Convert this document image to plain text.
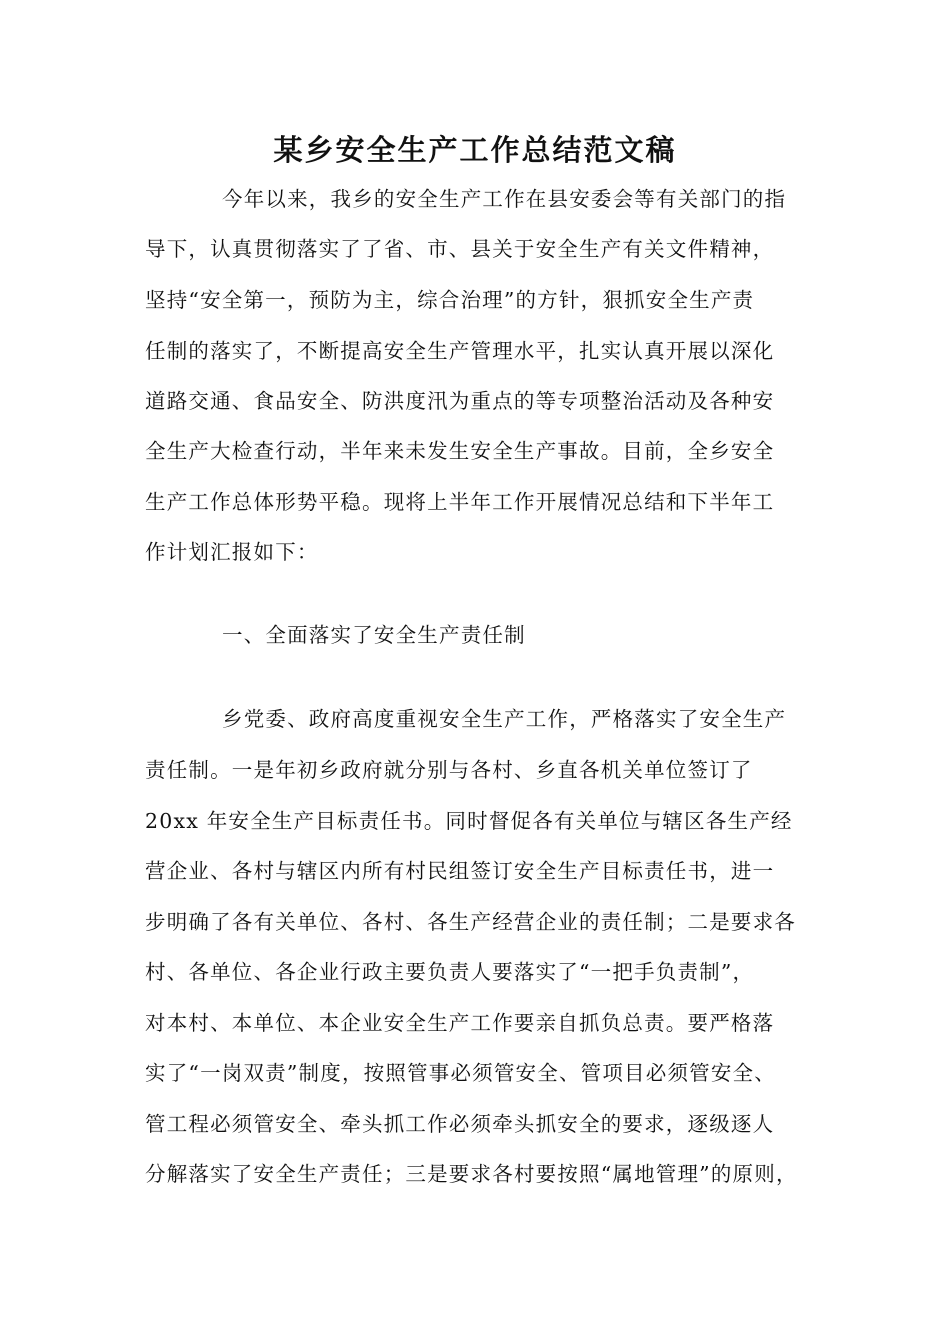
某乡安全生产工作总结范文稿
今年以来，我乡的安全生产工作在县安委会等有关部门的指
导下，认真贯彻落实了了省、市、县关于安全生产有关文件精神，
坚持“安全第一，预防为主，综合治理”的方针，狠抓安全生产责
任制的落实了，不断提高安全生产管理水平，扎实认真开展以深化
道路交通、食品安全、防洪度汛为重点的等专项整治活动及各种安
全生产大检查行动，半年来未发生安全生产事故。目前，全乡安全
生产工作总体形势平稳。现将上半年工作开展情况总结和下半年工
作计划汇报如下：
一、全面落实了安全生产责任制
乡党委、政府高度重视安全生产工作，严格落实了安全生产
责任制。一是年初乡政府就分别与各村、乡直各机关单位签订了
20xx 年安全生产目标责任书。同时督促各有关单位与辖区各生产经
营企业、各村与辖区内所有村民组签订安全生产目标责任书，进一
步明确了各有关单位、各村、各生产经营企业的责任制；二是要求各
村、各单位、各企业行政主要负责人要落实了“一把手负责制”，
对本村、本单位、本企业安全生产工作要亲自抓负总责。要严格落
实了“一岗双责”制度，按照管事必须管安全、管项目必须管安全、
管工程必须管安全、牵头抓工作必须牵头抓安全的要求，逐级逐人
分解落实了安全生产责任；三是要求各村要按照“属地管理”的原则，
